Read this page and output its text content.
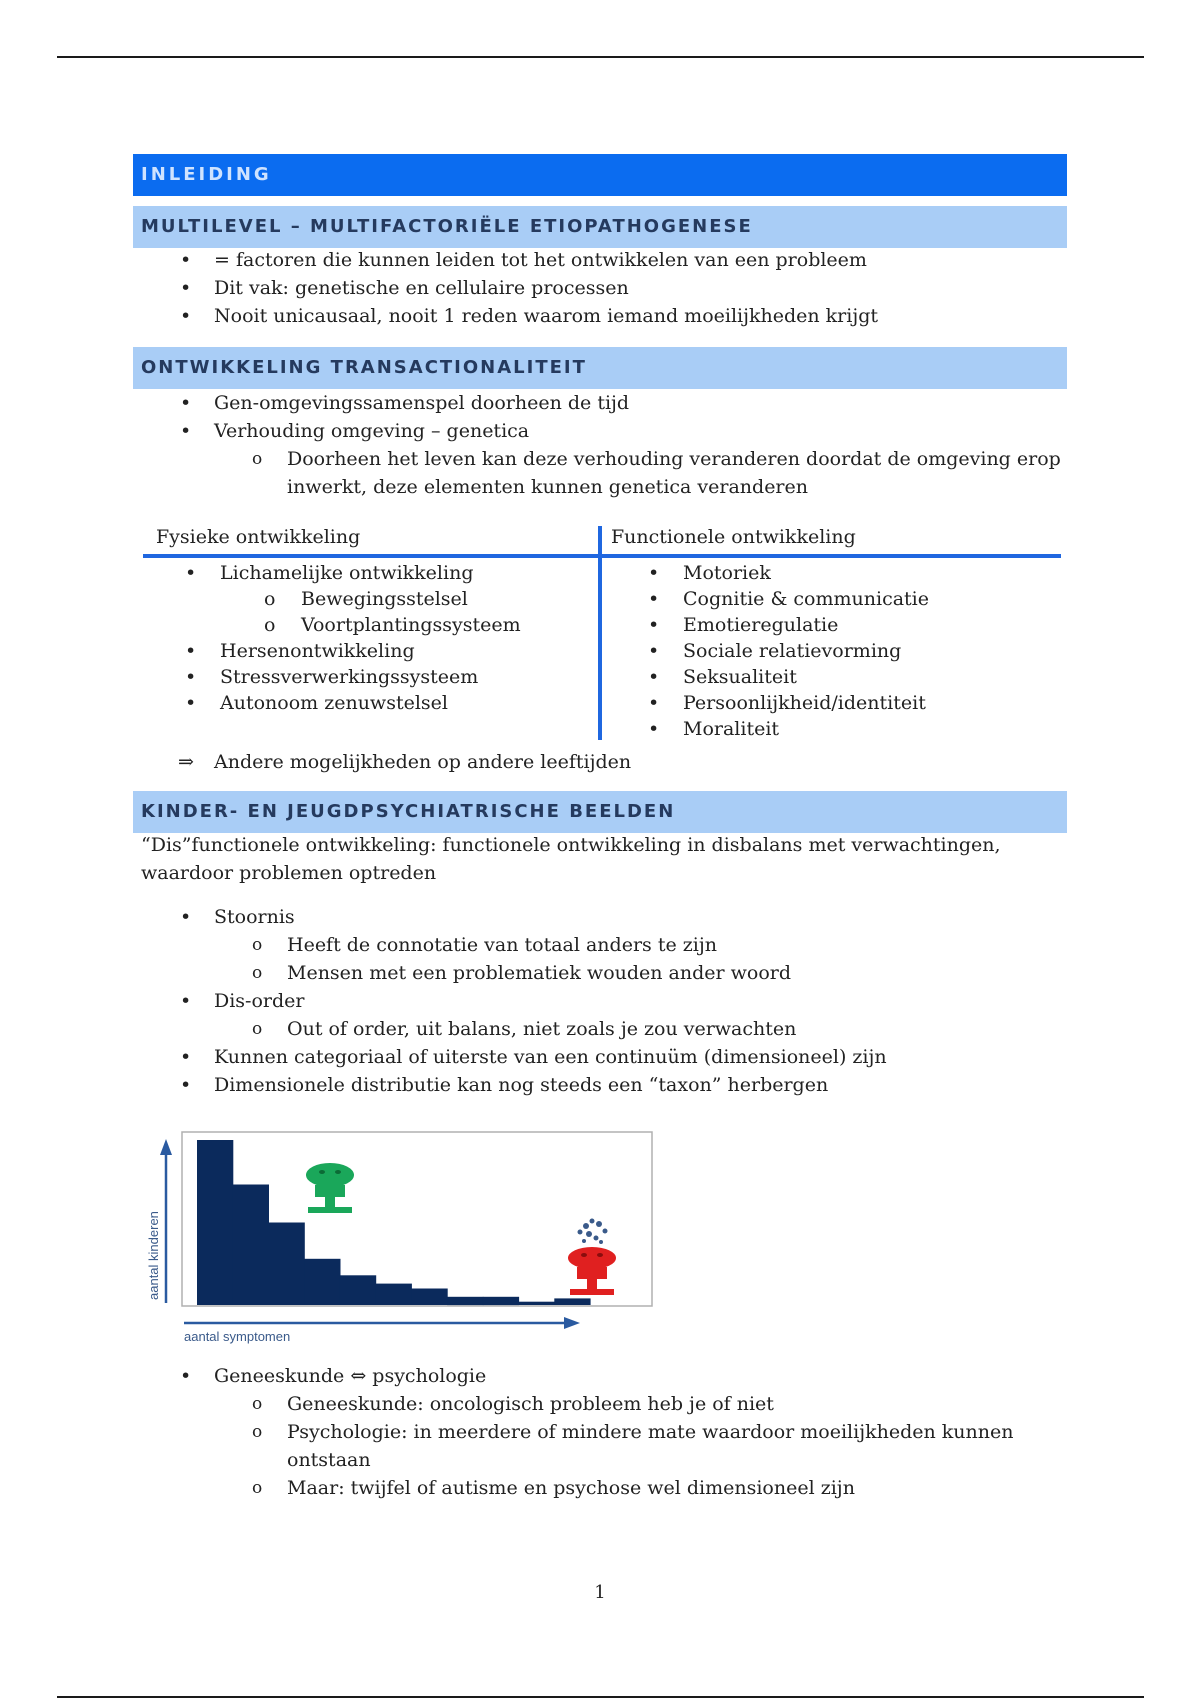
INLEIDING
MULTILEVEL – MULTIFACTORIËLE ETIOPATHOGENESE
• = factoren die kunnen leiden tot het ontwikkelen van een probleem
• Dit vak: genetische en cellulaire processen
• Nooit unicausaal, nooit 1 reden waarom iemand moeilijkheden krijgt
ONTWIKKELING TRANSACTIONALITEIT
• Gen-omgevingssamenspel doorheen de tijd
• Verhouding omgeving – genetica
o Doorheen het leven kan deze verhouding veranderen doordat de omgeving erop
inwerkt, deze elementen kunnen genetica veranderen
Fysieke ontwikkeling	Functionele ontwikkeling
• Lichamelijke ontwikkeling
o Bewegingsstelsel
o Voortplantingssysteem
• Hersenontwikkeling
• Stressverwerkingssysteem
• Autonoom zenuwstelsel
• Motoriek
• Cognitie & communicatie
• Emotieregulatie
• Sociale relatievorming
• Seksualiteit
• Persoonlijkheid/identiteit
• Moraliteit
⇒ Andere mogelijkheden op andere leeftijden
KINDER- EN JEUGDPSYCHIATRISCHE BEELDEN
“Dis”functionele ontwikkeling: functionele ontwikkeling in disbalans met verwachtingen,
waardoor problemen optreden
• Stoornis
o Heeft de connotatie van totaal anders te zijn
o Mensen met een problematiek wouden ander woord
• Dis-order
o Out of order, uit balans, niet zoals je zou verwachten
• Kunnen categoriaal of uiterste van een continuüm (dimensioneel) zijn
• Dimensionele distributie kan nog steeds een “taxon” herbergen
aantal symptomen
aantal kinderen
• Geneeskunde ⇔ psychologie
o Geneeskunde: oncologisch probleem heb je of niet
o Psychologie: in meerdere of mindere mate waardoor moeilijkheden kunnen
ontstaan
o Maar: twijfel of autisme en psychose wel dimensioneel zijn
1
